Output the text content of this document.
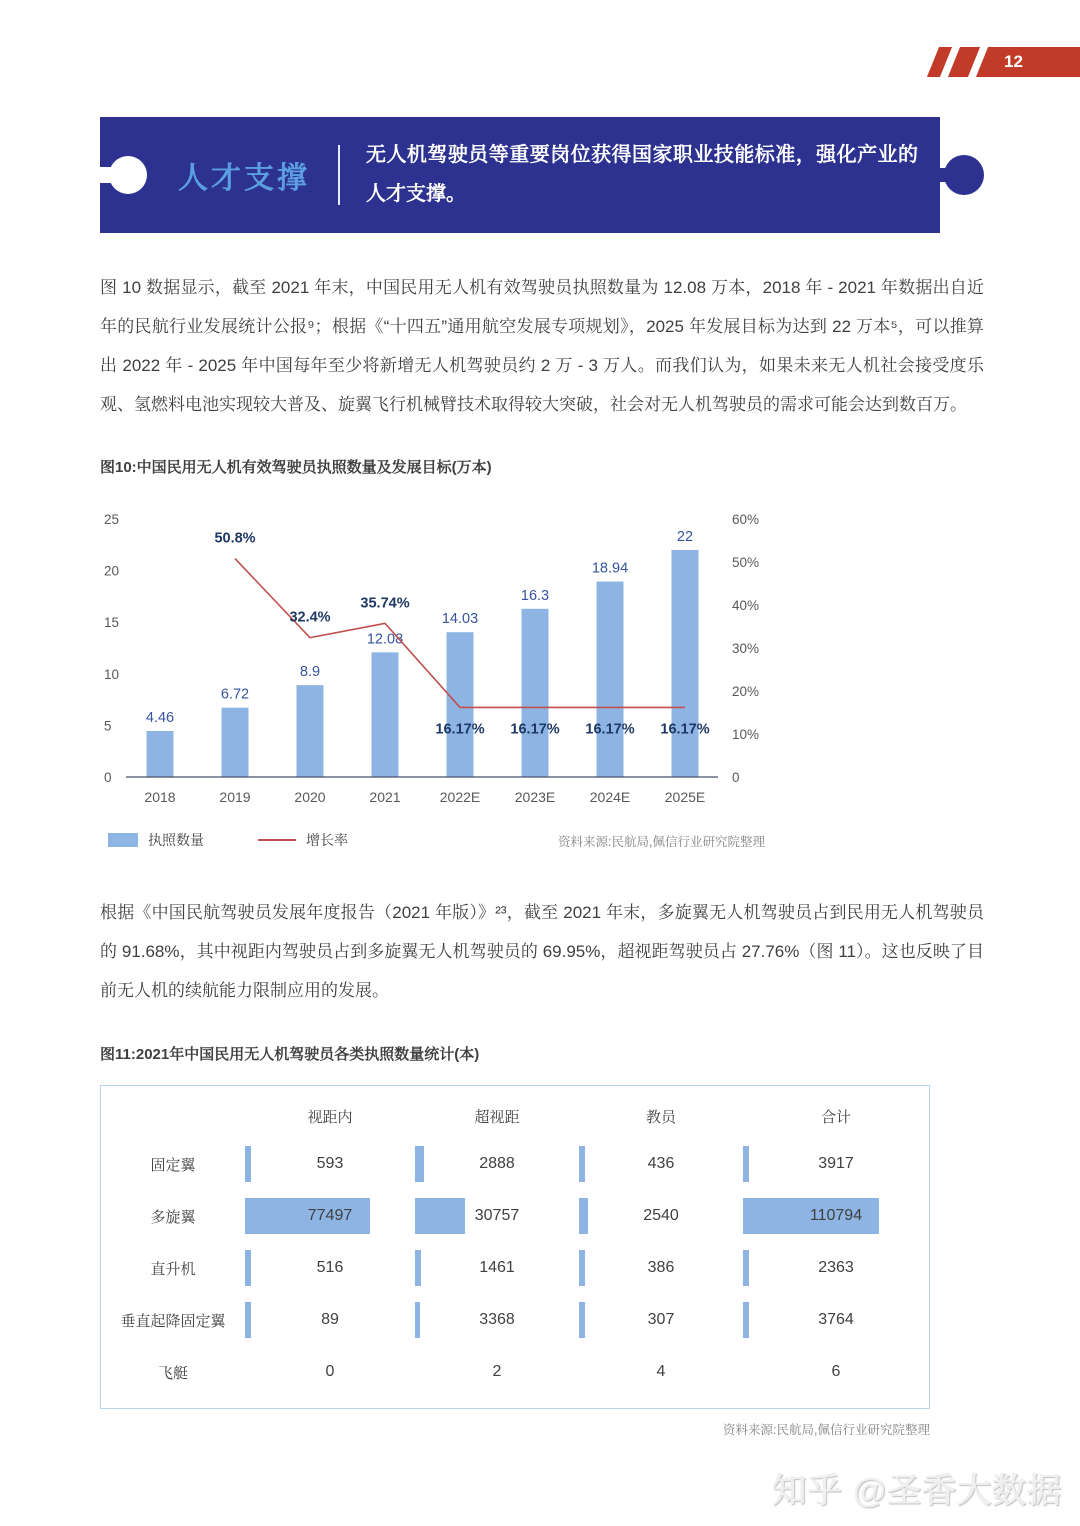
12
人才支撑
无人机驾驶员等重要岗位获得国家职业技能标准，强化产业的人才支撑。
图 10 数据显示，截至 2021 年末，中国民用无人机有效驾驶员执照数量为 12.08 万本，2018 年 - 2021 年数据出自近年的民航行业发展统计公报⁹；根据《“十四五”通用航空发展专项规划》，2025 年发展目标为达到 22 万本⁵，可以推算出 2022 年 - 2025 年中国每年至少将新增无人机驾驶员约 2 万 - 3 万人。而我们认为，如果未来无人机社会接受度乐观、氢燃料电池实现较大普及、旋翼飞行机械臂技术取得较大突破，社会对无人机驾驶员的需求可能会达到数百万。
图10:中国民用无人机有效驾驶员执照数量及发展目标(万本)
0
5
10
15
20
25
0
10%
20%
30%
40%
50%
60%
4.46
6.72
8.9
12.08
14.03
16.3
18.94
22
2018	2019	2020	2021	2022E 2023E 2024E 2025E
50.8%
32.4%
35.74%
16.17% 16.17% 16.17% 16.17%
执照数量	增长率	资料来源:民航局,佩信行业研究院整理
根据《中国民航驾驶员发展年度报告（2021 年版）》²³，截至 2021 年末，多旋翼无人机驾驶员占到民用无人机驾驶员的 91.68%，其中视距内驾驶员占到多旋翼无人机驾驶员的 69.95%，超视距驾驶员占 27.76%（图 11）。这也反映了目前无人机的续航能力限制应用的发展。
图11:2021年中国民用无人机驾驶员各类执照数量统计(本)
视距内	超视距	教员	合计
固定翼	593	2888	436	3917
多旋翼	77497	30757	2540	110794
直升机	516	1461	386	2363
垂直起降固定翼	89	3368	307	3764
飞艇	0	2	4	6
资料来源:民航局,佩信行业研究院整理
知乎 @圣香大数据
